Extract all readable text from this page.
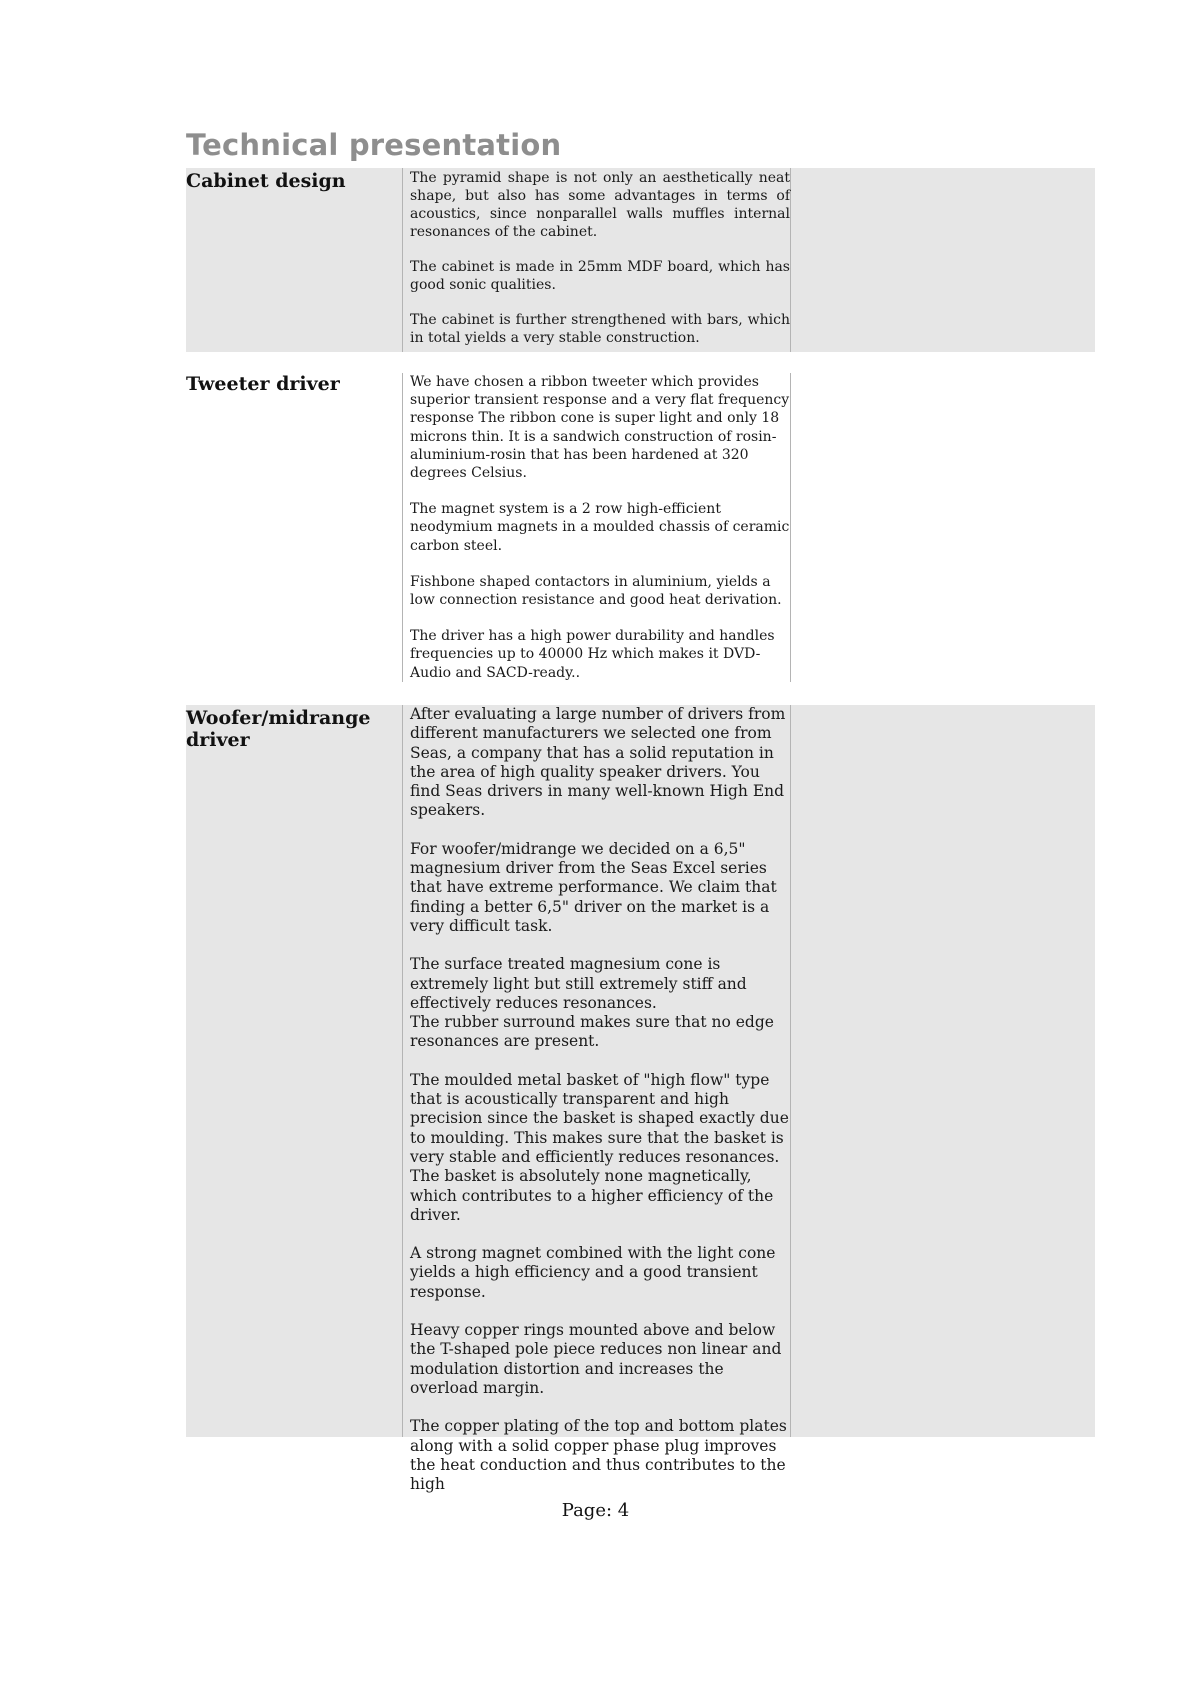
Technical presentation
Cabinet design	The pyramid shape is not only an aesthetically neat shape, but also has some advantages in terms of acoustics, since nonparallel walls muffles internal resonances of the cabinet.

The cabinet is made in 25mm MDF board, which has good sonic qualities.

The cabinet is further strengthened with bars, which in total yields a very stable construction.

Tweeter driver	We have chosen a ribbon tweeter which provides superior transient response and a very flat frequency response The ribbon cone is super light and only 18 microns thin. It is a sandwich construction of rosin-aluminium-rosin that has been hardened at 320 degrees Celsius.

The magnet system is a 2 row high-efficient neodymium magnets in a moulded chassis of ceramic carbon steel.

Fishbone shaped contactors in aluminium, yields a low connection resistance and good heat derivation.

The driver has a high power durability and handles frequencies up to 40000 Hz which makes it DVD-Audio and SACD-ready..

Woofer/midrange driver

After evaluating a large number of drivers from different manufacturers we selected one from Seas, a company that has a solid reputation in the area of high quality speaker drivers. You find Seas drivers in many well-known High End speakers.

For woofer/midrange we decided on a 6,5" magnesium driver from the Seas Excel series that have extreme performance. We claim that finding a better 6,5" driver on the market is a very difficult task.

The surface treated magnesium cone is extremely light but still extremely stiff and effectively reduces resonances.

The rubber surround makes sure that no edge resonances are present.

The moulded metal basket of "high flow" type that is acoustically transparent and high precision since the basket is shaped exactly due to moulding. This makes sure that the basket is very stable and efficiently reduces resonances. The basket is absolutely none magnetically, which contributes to a higher efficiency of the driver.

A strong magnet combined with the light cone yields a high efficiency and a good transient response.

Heavy copper rings mounted above and below the T-shaped pole piece reduces non linear and modulation distortion and increases the overload margin.

The copper plating of the top and bottom plates along with a solid copper phase plug improves the heat conduction and thus contributes to the high

Page: 4
